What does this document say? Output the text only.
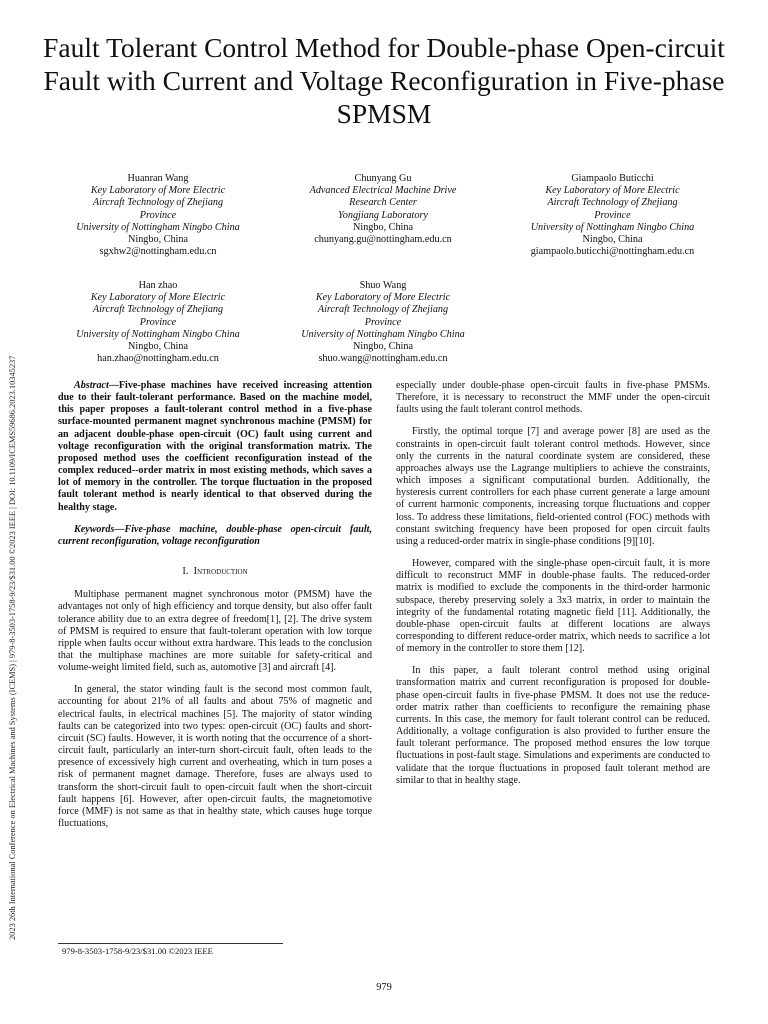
2023 26th International Conference on Electrical Machines and Systems (ICEMS) | 979-8-3503-1758-9/23/$31.00 ©2023 IEEE | DOI: 10.1109/ICEMS59686.2023.10345237
Fault Tolerant Control Method for Double-phase Open-circuit Fault with Current and Voltage Reconfiguration in Five-phase SPMSM
Huanran Wang
Key Laboratory of More Electric
Aircraft Technology of Zhejiang
Province
University of Nottingham Ningbo China
Ningbo, China
sgxhw2@nottingham.edu.cn
Chunyang Gu
Advanced Electrical Machine Drive
Research Center
Yongjiang Laboratory
Ningbo, China
chunyang.gu@nottingham.edu.cn
Giampaolo Buticchi
Key Laboratory of More Electric
Aircraft Technology of Zhejiang
Province
University of Nottingham Ningbo China
Ningbo, China
giampaolo.buticchi@nottingham.edu.cn
Han zhao
Key Laboratory of More Electric
Aircraft Technology of Zhejiang
Province
University of Nottingham Ningbo China
Ningbo, China
han.zhao@nottingham.edu.cn
Shuo Wang
Key Laboratory of More Electric
Aircraft Technology of Zhejiang
Province
University of Nottingham Ningbo China
Ningbo, China
shuo.wang@nottingham.edu.cn

Abstract—Five-phase machines have received increasing attention due to their fault-tolerant performance. Based on the machine model, this paper proposes a fault-tolerant control method in a five-phase surface-mounted permanent magnet synchronous machine (PMSM) for an adjacent double-phase open-circuit (OC) fault using current and voltage reconfiguration with the original transformation matrix. The proposed method uses the coefficient reconfiguration instead of the complex reduced--order matrix in most existing methods, which saves a lot of memory in the controller. The torque fluctuation in the proposed fault tolerant method is nearly identical to that observed during the healthy stage.

Keywords—Five-phase machine, double-phase open-circuit fault, current reconfiguration, voltage reconfiguration

I. Introduction

Multiphase permanent magnet synchronous motor (PMSM) have the advantages not only of high efficiency and torque density, but also offer fault tolerance ability due to an extra degree of freedom[1], [2]. The drive system of PMSM is required to ensure that fault-tolerant operation with low torque ripple when faults occur without extra hardware. This leads to the conclusion that the multiphase machines are more suitable for safety-critical and volume-weight limited field, such as, automotive [3] and aircraft [4].

In general, the stator winding fault is the second most common fault, accounting for about 21% of all faults and about 75% of magnetic and electrical faults, in electrical machines [5]. The majority of stator winding faults can be categorized into two types: open-circuit (OC) faults and short-circuit (SC) faults. However, it is worth noting that the occurrence of a short-circuit fault, particularly an inter-turn short-circuit fault, often leads to the presence of excessively high current and overheating, which in turn poses a risk of permanent magnet damage. Therefore, fuses are always used to transform the short-circuit fault to open-circuit fault when the short-circuit fault happens [6]. However, after open-circuit faults, the magnetomotive force (MMF) is not same as that in healthy state, which causes huge torque fluctuations,

especially under double-phase open-circuit faults in five-phase PMSMs. Therefore, it is necessary to reconstruct the MMF under the open-circuit faults using the fault tolerant control methods.

Firstly, the optimal torque [7] and average power [8] are used as the constraints in open-circuit fault tolerant control methods. However, since only the currents in the natural coordinate system are considered, these approaches always use the Lagrange multipliers to achieve the constraints, which imposes a significant computational burden. Additionally, the hysteresis current controllers for each phase current generate a large amount of current harmonic components, increasing torque fluctuations and copper loss. To address these limitations, field-oriented control (FOC) methods with constant switching frequency have been proposed for open circuit faults using a reduced-order matrix in single-phase conditions [9][10].

However, compared with the single-phase open-circuit fault, it is more difficult to reconstruct MMF in double-phase faults. The reduced-order matrix is modified to exclude the components in the third-order harmonic subspace, thereby preserving solely a 3x3 matrix, in order to maintain the integrity of the fundamental rotating magnetic field [11]. Additionally, the double-phase open-circuit faults at different locations are always corresponding to different reduce-order matrix, which needs to sacrifice a lot of memory in the controller to store them [12].

In this paper, a fault tolerant control method using original transformation matrix and current reconfiguration is proposed for double-phase open-circuit faults in five-phase PMSM. It does not use the reduce-order matrix rather than coefficients to reconfigure the remaining phase currents. In this case, the memory for fault tolerant control can be reduced. Additionally, a voltage configuration is also provided to further ensure the fault tolerant performance. The proposed method ensures the low torque fluctuations in post-fault stage. Simulations and experiments are conducted to validate that the torque fluctuations in proposed fault tolerant method are similar to that in healthy stage.

979-8-3503-1758-9/23/$31.00 ©2023 IEEE
979
